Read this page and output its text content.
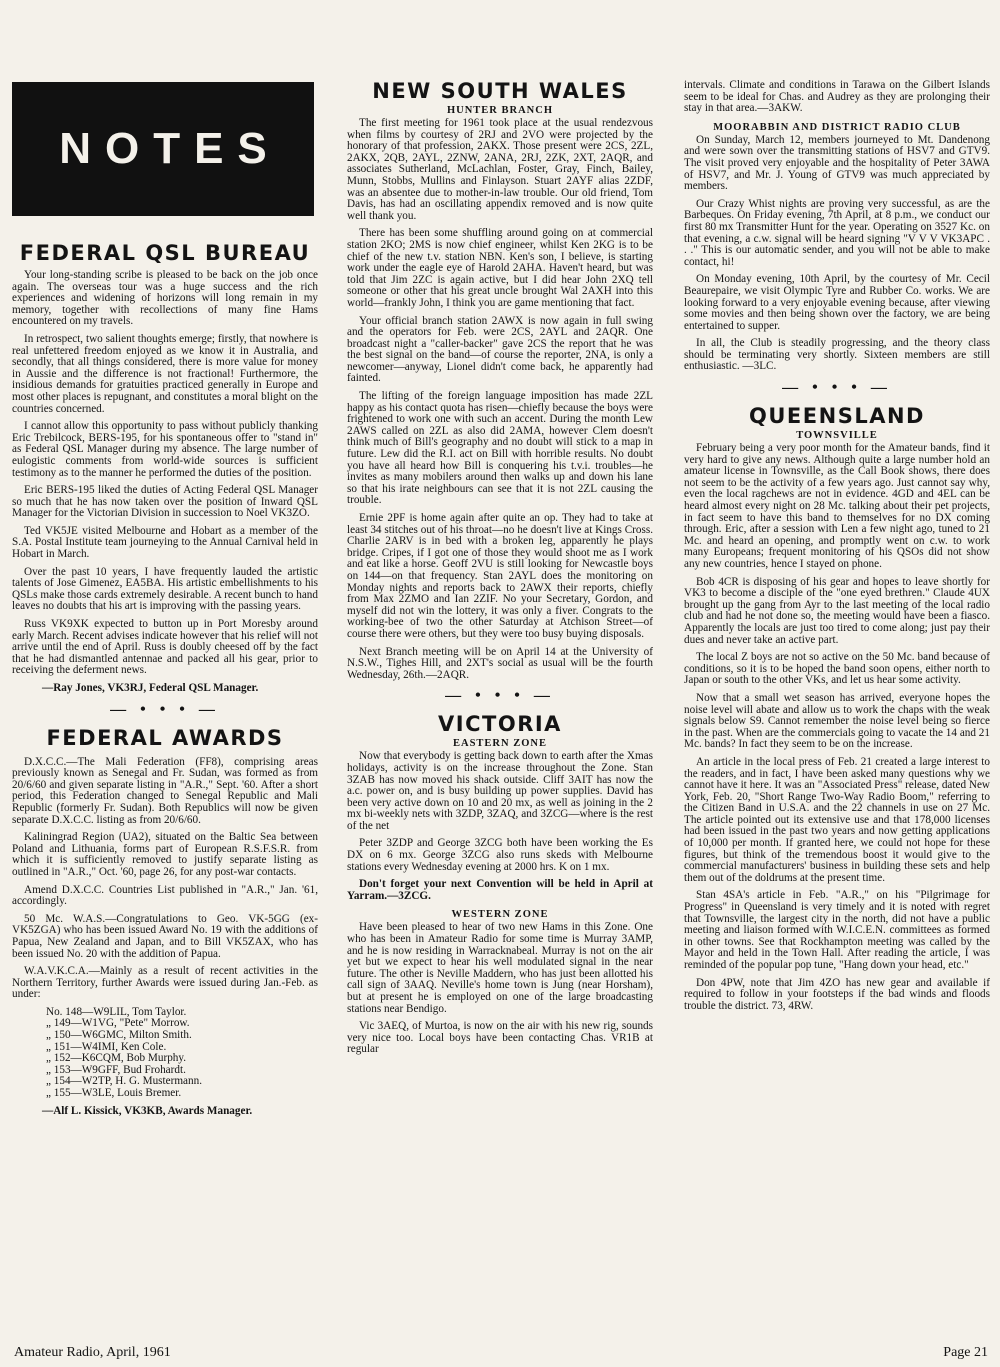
NOTES
FEDERAL QSL BUREAU

Your long-standing scribe is pleased to be back on the job once again. The overseas tour was a huge success and the rich experiences and widening of horizons will long remain in my memory, together with recollections of many fine Hams encountered on my travels.

In retrospect, two salient thoughts emerge; firstly, that nowhere is real unfettered freedom enjoyed as we know it in Australia, and secondly, that all things considered, there is more value for money in Aussie and the difference is not fractional! Furthermore, the insidious demands for gratuities practiced generally in Europe and most other places is repugnant, and constitutes a moral blight on the countries concerned.

I cannot allow this opportunity to pass without publicly thanking Eric Trebilcock, BERS-195, for his spontaneous offer to "stand in" as Federal QSL Manager during my absence. The large number of eulogistic comments from world-wide sources is sufficient testimony as to the manner he performed the duties of the position.

Eric BERS-195 liked the duties of Acting Federal QSL Manager so much that he has now taken over the position of Inward QSL Manager for the Victorian Division in succession to Noel VK3ZO.

Ted VK5JE visited Melbourne and Hobart as a member of the S.A. Postal Institute team journeying to the Annual Carnival held in Hobart in March.

Over the past 10 years, I have frequently lauded the artistic talents of Jose Gimenez, EA5BA. His artistic embellishments to his QSLs make those cards extremely desirable. A recent bunch to hand leaves no doubts that his art is improving with the passing years.

Russ VK9XK expected to button up in Port Moresby around early March. Recent advises indicate however that his relief will not arrive until the end of April. Russ is doubly cheesed off by the fact that he had dismantled antennae and packed all his gear, prior to receiving the deferment news.

—Ray Jones, VK3RJ, Federal QSL Manager.

— • • • —
FEDERAL AWARDS

D.X.C.C.—The Mali Federation (FF8), comprising areas previously known as Senegal and Fr. Sudan, was formed as from 20/6/60 and given separate listing in "A.R.," Sept. '60. After a short period, this Federation changed to Senegal Republic and Mali Republic (formerly Fr. Sudan). Both Republics will now be given separate D.X.C.C. listing as from 20/6/60.

Kaliningrad Region (UA2), situated on the Baltic Sea between Poland and Lithuania, forms part of European R.S.F.S.R. from which it is sufficiently removed to justify separate listing as outlined in "A.R.," Oct. '60, page 26, for any post-war contacts.

Amend D.X.C.C. Countries List published in "A.R.," Jan. '61, accordingly.

50 Mc. W.A.S.—Congratulations to Geo. VK-5GG (ex-VK5ZGA) who has been issued Award No. 19 with the additions of Papua, New Zealand and Japan, and to Bill VK5ZAX, who has been issued No. 20 with the addition of Papua.

W.A.V.K.C.A.—Mainly as a result of recent activities in the Northern Territory, further Awards were issued during Jan.-Feb. as under:

No. 148—W9LIL, Tom Taylor.
„ 149—W1VG, "Pete" Morrow.
„ 150—W6GMC, Milton Smith.
„ 151—W4IMI, Ken Cole.
„ 152—K6CQM, Bob Murphy.
„ 153—W9GFF, Bud Frohardt.
„ 154—W2TP, H. G. Mustermann.
„ 155—W3LE, Louis Bremer.

—Alf L. Kissick, VK3KB, Awards Manager.

NEW SOUTH WALES
HUNTER BRANCH

The first meeting for 1961 took place at the usual rendezvous when films by courtesy of 2RJ and 2VO were projected by the honorary of that profession, 2AKX. Those present were 2CS, 2ZL, 2AKX, 2QB, 2AYL, 2ZNW, 2ANA, 2RJ, 2ZK, 2XT, 2AQR, and associates Sutherland, McLachlan, Foster, Gray, Finch, Bailey, Munn, Stobbs, Mullins and Finlayson. Stuart 2AYF alias 2ZDF, was an absentee due to mother-in-law trouble. Our old friend, Tom Davis, has had an oscillating appendix removed and is now quite well thank you.

There has been some shuffling around going on at commercial station 2KO; 2MS is now chief engineer, whilst Ken 2KG is to be chief of the new t.v. station NBN. Ken's son, I believe, is starting work under the eagle eye of Harold 2AHA. Haven't heard, but was told that Jim 2ZC is again active, but I did hear John 2XQ tell someone or other that his great uncle brought Wal 2AXH into this world—frankly John, I think you are game mentioning that fact.

Your official branch station 2AWX is now again in full swing and the operators for Feb. were 2CS, 2AYL and 2AQR. One broadcast night a "caller-backer" gave 2CS the report that he was the best signal on the band—of course the reporter, 2NA, is only a newcomer—anyway, Lionel didn't come back, he apparently had fainted.

The lifting of the foreign language imposition has made 2ZL happy as his contact quota has risen—chiefly because the boys were frightened to work one with such an accent. During the month Lew 2AWS called on 2ZL as also did 2AMA, however Clem doesn't think much of Bill's geography and no doubt will stick to a map in future. Lew did the R.I. act on Bill with horrible results. No doubt you have all heard how Bill is conquering his t.v.i. troubles—he invites as many mobilers around then walks up and down his lane so that his irate neighbours can see that it is not 2ZL causing the trouble.

Ernie 2PF is home again after quite an op. They had to take at least 34 stitches out of his throat—no he doesn't live at Kings Cross. Charlie 2ARV is in bed with a broken leg, apparently he plays bridge. Cripes, if I got one of those they would shoot me as I work and eat like a horse. Geoff 2VU is still looking for Newcastle boys on 144—on that frequency. Stan 2AYL does the monitoring on Monday nights and reports back to 2AWX their reports, chiefly from Max 2ZMO and Ian 2ZIF. No your Secretary, Gordon, and myself did not win the lottery, it was only a fiver. Congrats to the working-bee of two the other Saturday at Atchison Street—of course there were others, but they were too busy buying disposals.

Next Branch meeting will be on April 14 at the University of N.S.W., Tighes Hill, and 2XT's social as usual will be the fourth Wednesday, 26th.—2AQR.

— • • • —
VICTORIA
EASTERN ZONE

Now that everybody is getting back down to earth after the Xmas holidays, activity is on the increase throughout the Zone. Stan 3ZAB has now moved his shack outside. Cliff 3AIT has now the a.c. power on, and is busy building up power supplies. David has been very active down on 10 and 20 mx, as well as joining in the 2 mx bi-weekly nets with 3ZDP, 3ZAQ, and 3ZCG—where is the rest of the net

Peter 3ZDP and George 3ZCG both have been working the Es DX on 6 mx. George 3ZCG also runs skeds with Melbourne stations every Wednesday evening at 2000 hrs. K on 1 mx.

Don't forget your next Convention will be held in April at Yarram.—3ZCG.

WESTERN ZONE

Have been pleased to hear of two new Hams in this Zone. One who has been in Amateur Radio for some time is Murray 3AMP, and he is now residing in Warracknabeal. Murray is not on the air yet but we expect to hear his well modulated signal in the near future. The other is Neville Maddern, who has just been allotted his call sign of 3AAQ. Neville's home town is Jung (near Horsham), but at present he is employed on one of the large broadcasting stations near Bendigo.

Vic 3AEQ, of Murtoa, is now on the air with his new rig, sounds very nice too. Local boys have been contacting Chas. VR1B at regular

intervals. Climate and conditions in Tarawa on the Gilbert Islands seem to be ideal for Chas. and Audrey as they are prolonging their stay in that area.—3AKW.

MOORABBIN AND DISTRICT RADIO CLUB

On Sunday, March 12, members journeyed to Mt. Dandenong and were sown over the transmitting stations of HSV7 and GTV9. The visit proved very enjoyable and the hospitality of Peter 3AWA of HSV7, and Mr. J. Young of GTV9 was much appreciated by members.

Our Crazy Whist nights are proving very successful, as are the Barbeques. On Friday evening, 7th April, at 8 p.m., we conduct our first 80 mx Transmitter Hunt for the year. Operating on 3527 Kc. on that evening, a c.w. signal will be heard signing "V V V VK3APC . . ." This is our automatic sender, and you will not be able to make contact, hi!

On Monday evening, 10th April, by the courtesy of Mr. Cecil Beaurepaire, we visit Olympic Tyre and Rubber Co. works. We are looking forward to a very enjoyable evening because, after viewing some movies and then being shown over the factory, we are being entertained to supper.

In all, the Club is steadily progressing, and the theory class should be terminating very shortly. Sixteen members are still enthusiastic. —3LC.

— • • • —
QUEENSLAND
TOWNSVILLE

February being a very poor month for the Amateur bands, find it very hard to give any news. Although quite a large number hold an amateur license in Townsville, as the Call Book shows, there does not seem to be the activity of a few years ago. Just cannot say why, even the local ragchews are not in evidence. 4GD and 4EL can be heard almost every night on 28 Mc. talking about their pet projects, in fact seem to have this band to themselves for no DX coming through. Eric, after a session with Len a few night ago, tuned to 21 Mc. and heard an opening, and promptly went on c.w. to work many Europeans; frequent monitoring of his QSOs did not show any new countries, hence I stayed on phone.

Bob 4CR is disposing of his gear and hopes to leave shortly for VK3 to become a disciple of the "one eyed brethren." Claude 4UX brought up the gang from Ayr to the last meeting of the local radio club and had he not done so, the meeting would have been a fiasco. Apparently the locals are just too tired to come along; just pay their dues and never take an active part.

The local Z boys are not so active on the 50 Mc. band because of conditions, so it is to be hoped the band soon opens, either north to Japan or south to the other VKs, and let us hear some activity.

Now that a small wet season has arrived, everyone hopes the noise level will abate and allow us to work the chaps with the weak signals below S9. Cannot remember the noise level being so fierce in the past. When are the commercials going to vacate the 14 and 21 Mc. bands? In fact they seem to be on the increase.

An article in the local press of Feb. 21 created a large interest to the readers, and in fact, I have been asked many questions why we cannot have it here. It was an "Associated Press" release, dated New York, Feb. 20, "Short Range Two-Way Radio Boom," referring to the Citizen Band in U.S.A. and the 22 channels in use on 27 Mc. The article pointed out its extensive use and that 178,000 licenses had been issued in the past two years and now getting applications of 10,000 per month. If granted here, we could not hope for these figures, but think of the tremendous boost it would give to the commercial manufacturers' business in building these sets and help them out of the doldrums at the present time.

Stan 4SA's article in Feb. "A.R.," on his "Pilgrimage for Progress" in Queensland is very timely and it is noted with regret that Townsville, the largest city in the north, did not have a public meeting and liaison formed with W.I.C.E.N. committees as formed in other towns. See that Rockhampton meeting was called by the Mayor and held in the Town Hall. After reading the article, I was reminded of the popular pop tune, "Hang down your head, etc."

Don 4PW, note that Jim 4ZO has new gear and available if required to follow in your footsteps if the bad winds and floods trouble the district. 73, 4RW.

Amateur Radio, April, 1961	Page 21
